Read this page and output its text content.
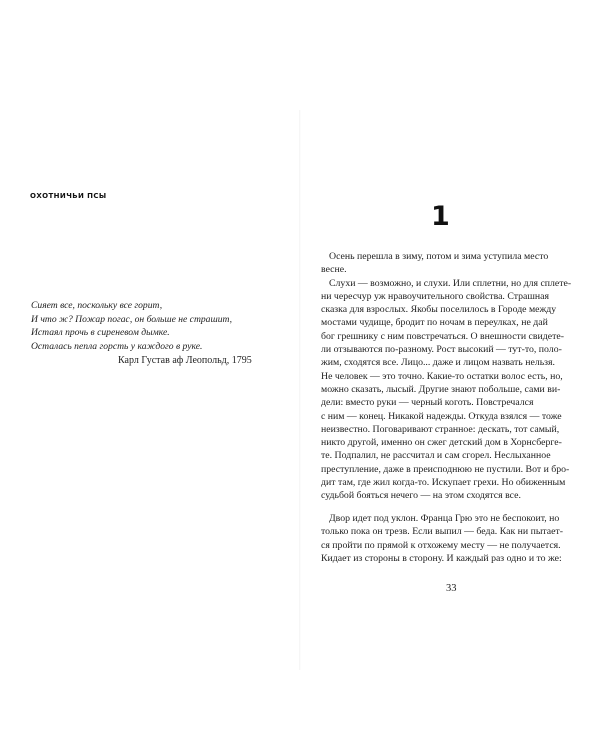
ОХОТНИЧЬИ ПСЫ
Сияет все, поскольку все горит,
И что ж? Пожар погас, он больше не страшит,
Истаял прочь в сиреневом дымке.
Осталась пепла горсть у каждого в руке.
Карл Густав аф Леопольд, 1795
1
Осень перешла в зиму, потом и зима уступила место
весне.
Слухи — возможно, и слухи. Или сплетни, но для сплете-
ни чересчур уж нравоучительного свойства. Страшная
сказка для взрослых. Якобы поселилось в Городе между
мостами чудище, бродит по ночам в переулках, не дай
бог грешнику с ним повстречаться. О внешности свидете-
ли отзываются по-разному. Рост высокий — тут-то, поло-
жим, сходятся все. Лицо... даже и лицом назвать нельзя.
Не человек — это точно. Какие-то остатки волос есть, но,
можно сказать, лысый. Другие знают побольше, сами ви-
дели: вместо руки — черный коготь. Повстречался
с ним — конец. Никакой надежды. Откуда взялся — тоже
неизвестно. Поговаривают странное: дескать, тот самый,
никто другой, именно он сжег детский дом в Хорнсберге-
те. Подпалил, не рассчитал и сам сгорел. Неслыханное
преступление, даже в преисподнюю не пустили. Вот и бро-
дит там, где жил когда-то. Искупает грехи. Но обиженным
судьбой бояться нечего — на этом сходятся все.
Двор идет под уклон. Франца Грю это не беспокоит, но
только пока он трезв. Если выпил — беда. Как ни пытает-
ся пройти по прямой к отхожему месту — не получается.
Кидает из стороны в сторону. И каждый раз одно и то же:
33
